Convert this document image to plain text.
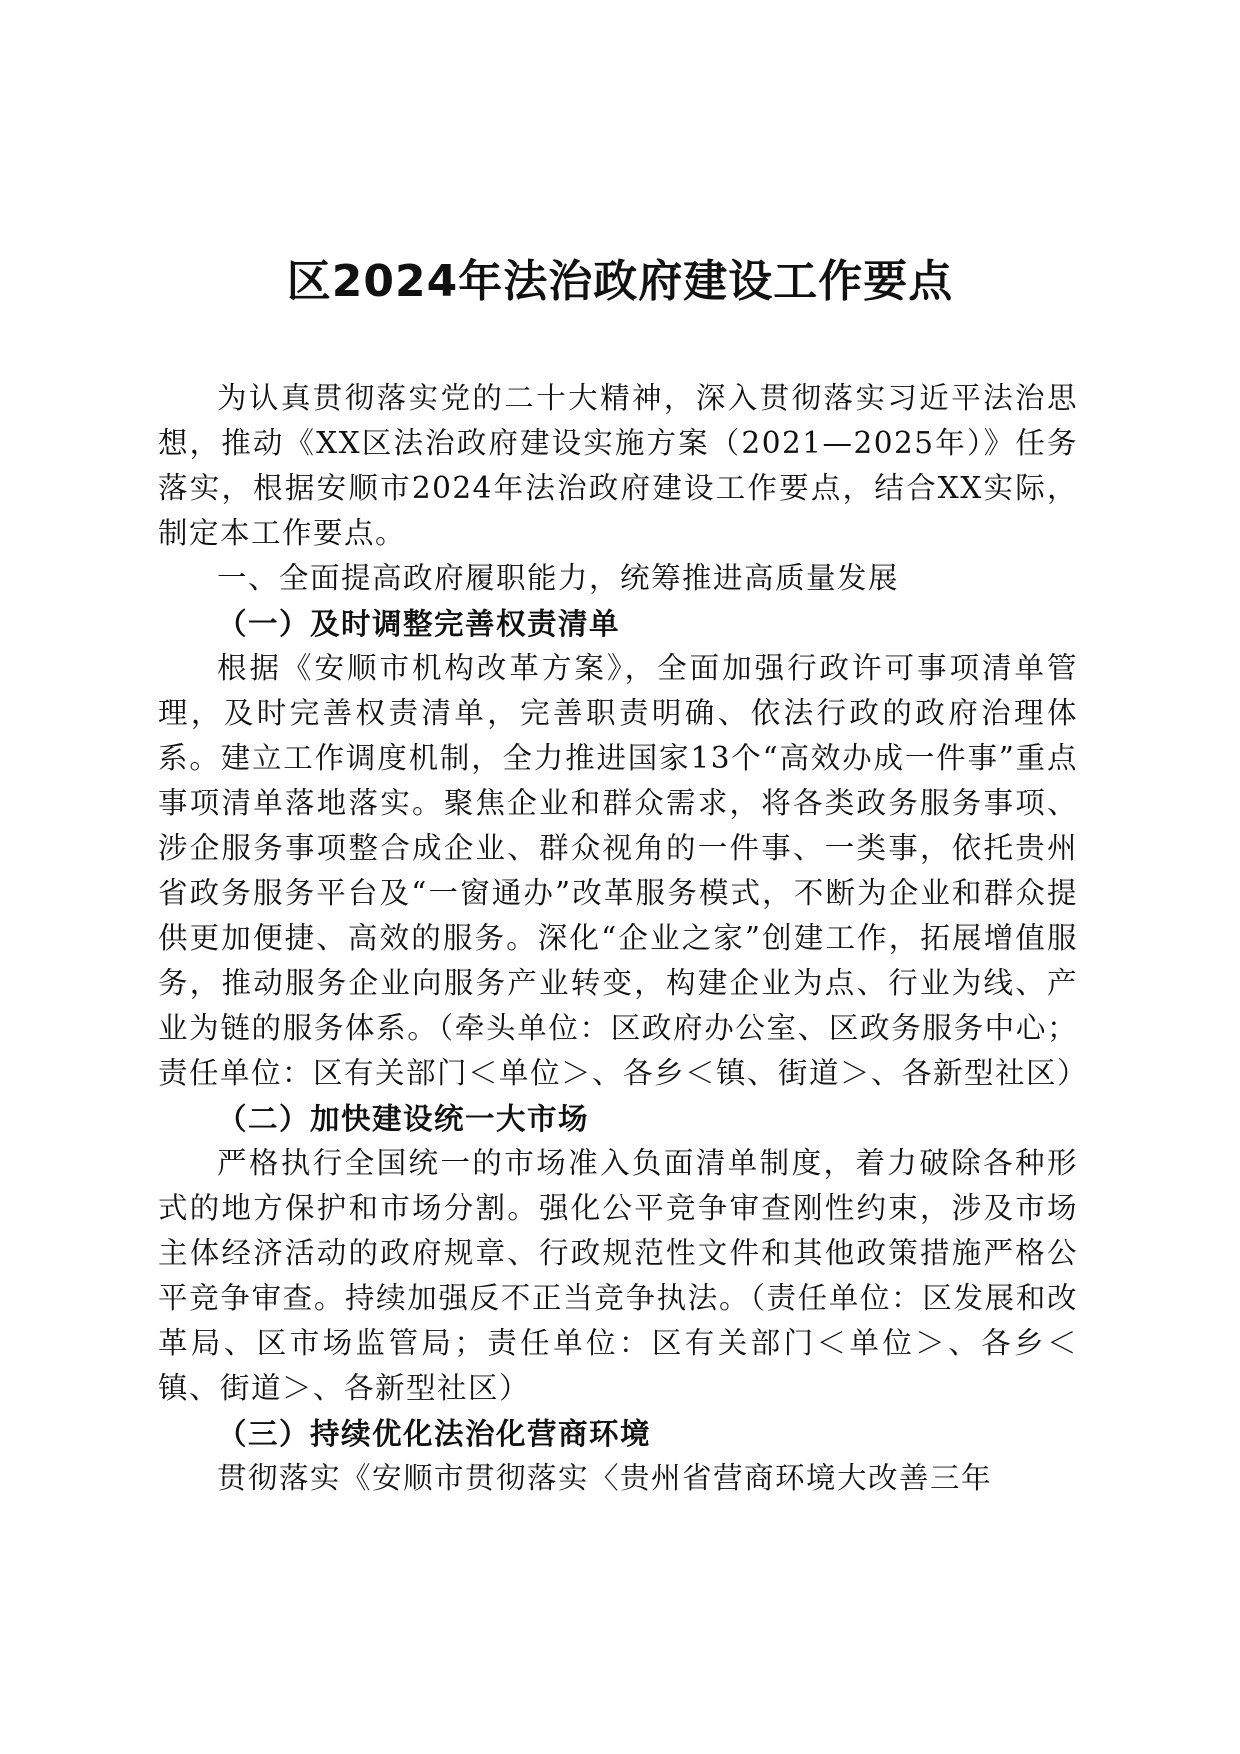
区2024年法治政府建设工作要点

为认真贯彻落实党的二十大精神，深入贯彻落实习近平法治思想，推动《XX区法治政府建设实施方案（2021—2025年）》任务落实，根据安顺市2024年法治政府建设工作要点，结合XX实际，制定本工作要点。

一、全面提高政府履职能力，统筹推进高质量发展

（一）及时调整完善权责清单

根据《安顺市机构改革方案》，全面加强行政许可事项清单管理，及时完善权责清单，完善职责明确、依法行政的政府治理体系。建立工作调度机制，全力推进国家13个“高效办成一件事”重点事项清单落地落实。聚焦企业和群众需求，将各类政务服务事项、涉企服务事项整合成企业、群众视角的一件事、一类事，依托贵州省政务服务平台及“一窗通办”改革服务模式，不断为企业和群众提供更加便捷、高效的服务。深化“企业之家”创建工作，拓展增值服务，推动服务企业向服务产业转变，构建企业为点、行业为线、产业为链的服务体系。（牵头单位：区政府办公室、区政务服务中心；责任单位：区有关部门＜单位＞、各乡＜镇、街道＞、各新型社区）

（二）加快建设统一大市场

严格执行全国统一的市场准入负面清单制度，着力破除各种形式的地方保护和市场分割。强化公平竞争审查刚性约束，涉及市场主体经济活动的政府规章、行政规范性文件和其他政策措施严格公平竞争审查。持续加强反不正当竞争执法。（责任单位：区发展和改革局、区市场监管局；责任单位：区有关部门＜单位＞、各乡＜镇、街道＞、各新型社区）

（三）持续优化法治化营商环境

贯彻落实《安顺市贯彻落实〈贵州省营商环境大改善三年
